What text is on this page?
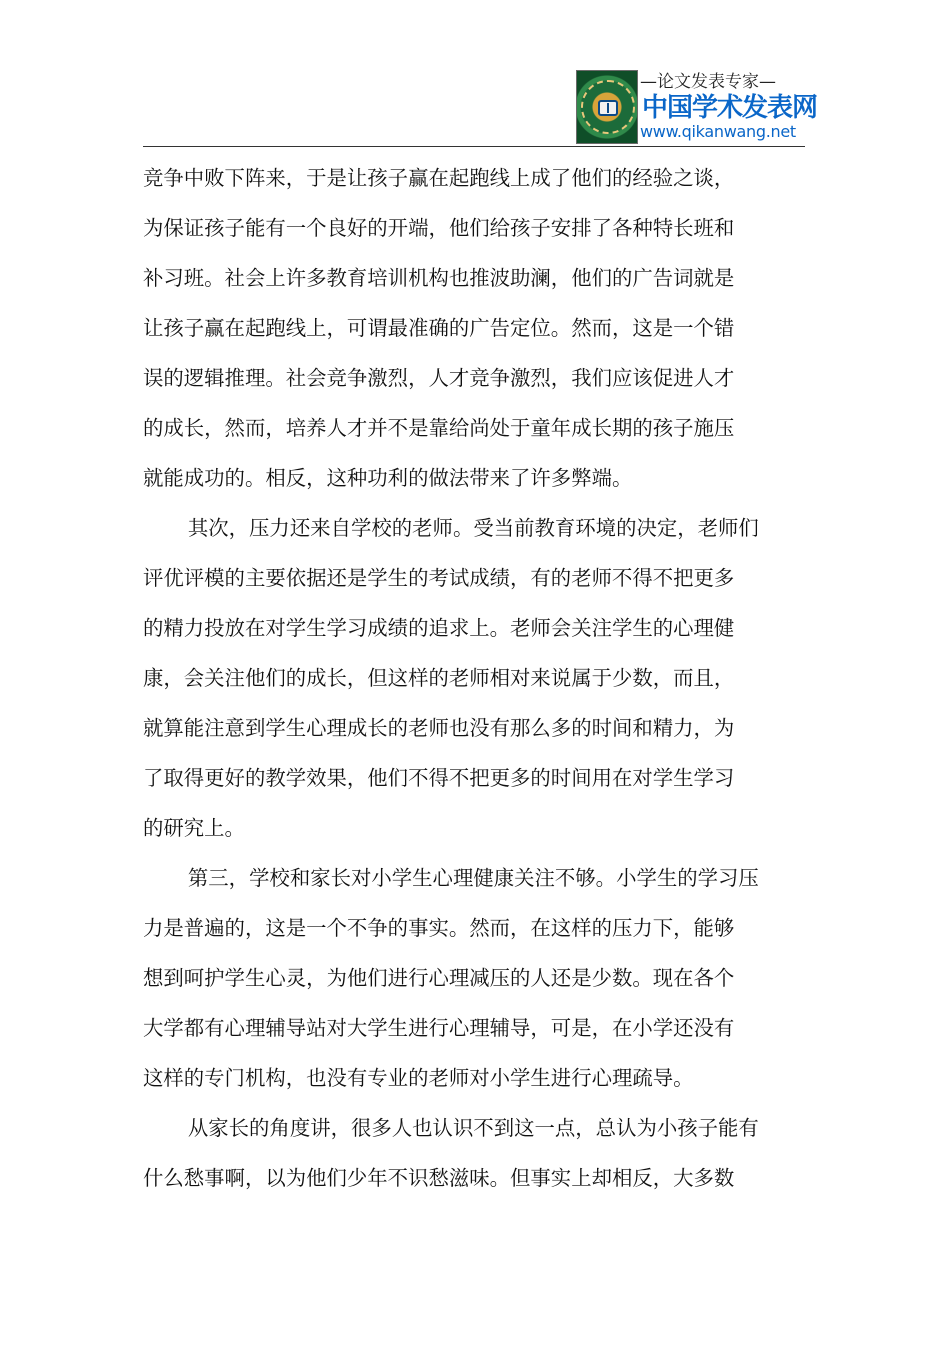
—论文发表专家—
中国学术发表网
www.qikanwang.net
竞争中败下阵来，于是让孩子赢在起跑线上成了他们的经验之谈，
为保证孩子能有一个良好的开端，他们给孩子安排了各种特长班和
补习班。社会上许多教育培训机构也推波助澜，他们的广告词就是
让孩子赢在起跑线上，可谓最准确的广告定位。然而，这是一个错
误的逻辑推理。社会竞争激烈，人才竞争激烈，我们应该促进人才
的成长，然而，培养人才并不是靠给尚处于童年成长期的孩子施压
就能成功的。相反，这种功利的做法带来了许多弊端。
其次，压力还来自学校的老师。受当前教育环境的决定，老师们
评优评模的主要依据还是学生的考试成绩，有的老师不得不把更多
的精力投放在对学生学习成绩的追求上。老师会关注学生的心理健
康，会关注他们的成长，但这样的老师相对来说属于少数，而且，
就算能注意到学生心理成长的老师也没有那么多的时间和精力，为
了取得更好的教学效果，他们不得不把更多的时间用在对学生学习
的研究上。
第三，学校和家长对小学生心理健康关注不够。小学生的学习压
力是普遍的，这是一个不争的事实。然而，在这样的压力下，能够
想到呵护学生心灵，为他们进行心理减压的人还是少数。现在各个
大学都有心理辅导站对大学生进行心理辅导，可是，在小学还没有
这样的专门机构，也没有专业的老师对小学生进行心理疏导。
从家长的角度讲，很多人也认识不到这一点，总认为小孩子能有
什么愁事啊，以为他们少年不识愁滋味。但事实上却相反，大多数
